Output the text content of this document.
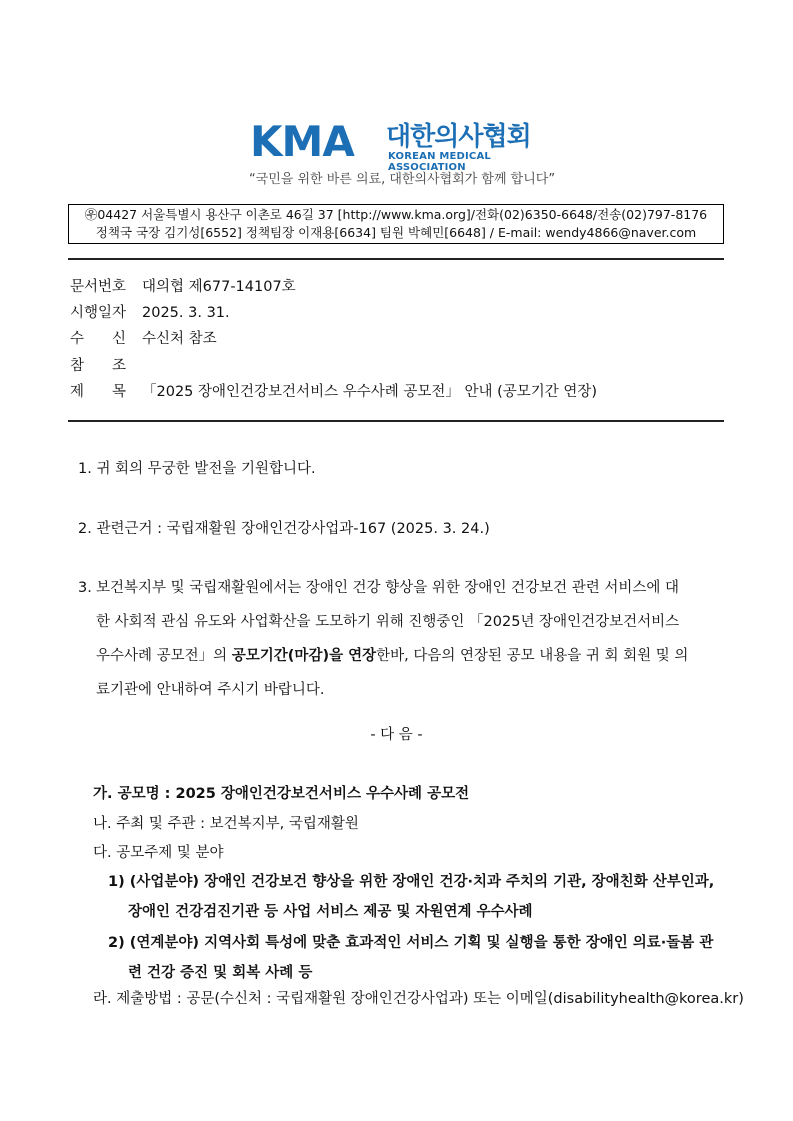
KMA 대한의사협회
KOREAN MEDICAL ASSOCIATION
“국민을 위한 바른 의료, 대한의사협회가 함께 합니다”
㉾04427 서울특별시 용산구 이촌로 46길 37 [http://www.kma.org]/전화(02)6350-6648/전송(02)797-8176
정책국 국장 김기성[6552] 정책팀장 이재용[6634] 팀원 박혜민[6648] / E-mail: wendy4866@naver.com
문서번호 대의협 제677-14107호
시행일자 2025. 3. 31.
수 신 수신처 참조
참 조
제 목 「2025 장애인건강보건서비스 우수사례 공모전」 안내 (공모기간 연장)
1. 귀 회의 무궁한 발전을 기원합니다.
2. 관련근거 : 국립재활원 장애인건강사업과-167 (2025. 3. 24.)
3. 보건복지부 및 국립재활원에서는 장애인 건강 향상을 위한 장애인 건강보건 관련 서비스에 대
한 사회적 관심 유도와 사업확산을 도모하기 위해 진행중인 「2025년 장애인건강보건서비스
우수사례 공모전」의 공모기간(마감)을 연장한바, 다음의 연장된 공모 내용을 귀 회 회원 및 의
료기관에 안내하여 주시기 바랍니다.
- 다 음 -
가. 공모명 : 2025 장애인건강보건서비스 우수사례 공모전
나. 주최 및 주관 : 보건복지부, 국립재활원
다. 공모주제 및 분야
1) (사업분야) 장애인 건강보건 향상을 위한 장애인 건강·치과 주치의 기관, 장애친화 산부인과,
장애인 건강검진기관 등 사업 서비스 제공 및 자원연계 우수사례
2) (연계분야) 지역사회 특성에 맞춘 효과적인 서비스 기획 및 실행을 통한 장애인 의료·돌봄 관
련 건강 증진 및 회복 사례 등
라. 제출방법 : 공문(수신처 : 국립재활원 장애인건강사업과) 또는 이메일(disabilityhealth@korea.kr)
